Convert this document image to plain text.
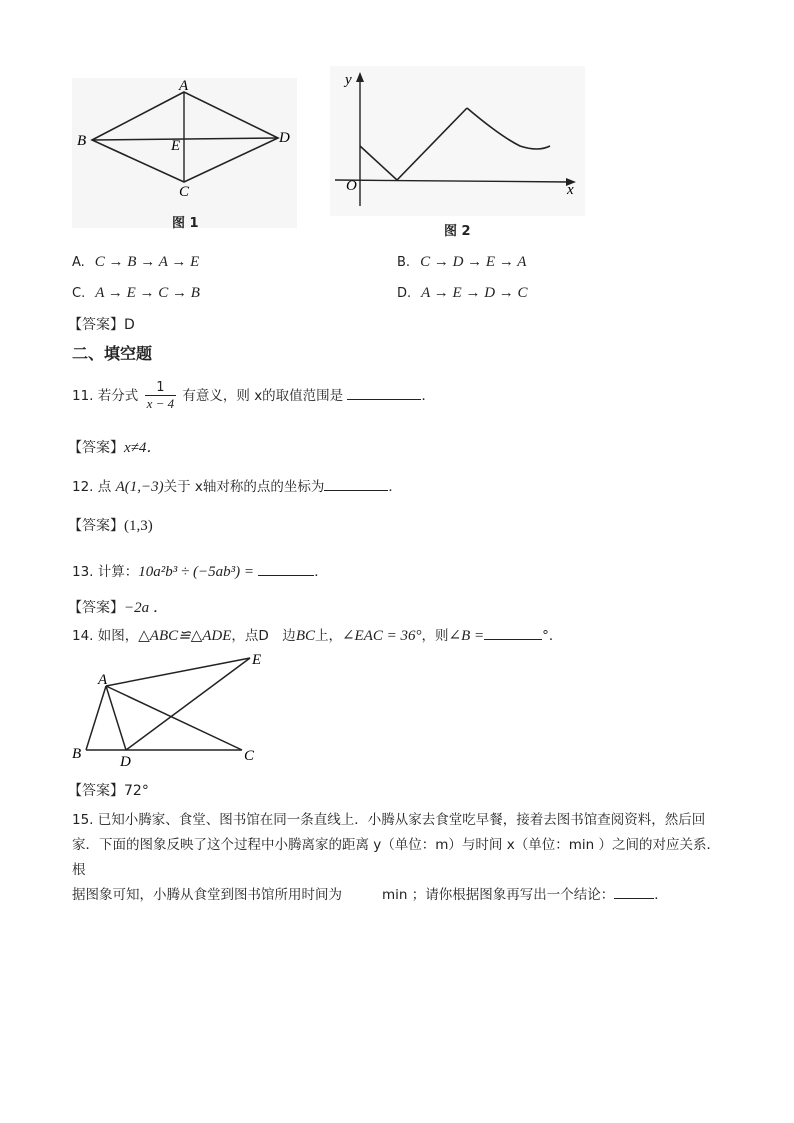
A
B
C
D
E
图 1
y
x
O
图 2
A. C → B → A → E	B. C → D → E → A
C. A → E → C → B	D. A → E → D → C
【答案】D
二、填空题
11. 若分式 $\frac{1}{x - 4}$ 有意义，则 x的取值范围是	．
【答案】x≠4．
12. 点 A(1,−3)关于 x轴对称的点的坐标为	．
【答案】(1,3)
13. 计算：10a²b³ ÷ (−5ab³) =	．
【答案】−2a ．
14. 如图，△ABC≌△ADE，点D　边BC上，∠EAC = 36°，则∠B =	°．
A
B	C
D
E
【答案】72°
15. 已知小腾家、食堂、图书馆在同一条直线上．小腾从家去食堂吃早餐，接着去图书馆查阅资料，然后回
家．下面的图象反映了这个过程中小腾离家的距离 y（单位：m）与时间 x（单位：min ）之间的对应关系．根
据图象可知，小腾从食堂到图书馆所用时间为	min ；请你根据图象再写出一个结论：	．
